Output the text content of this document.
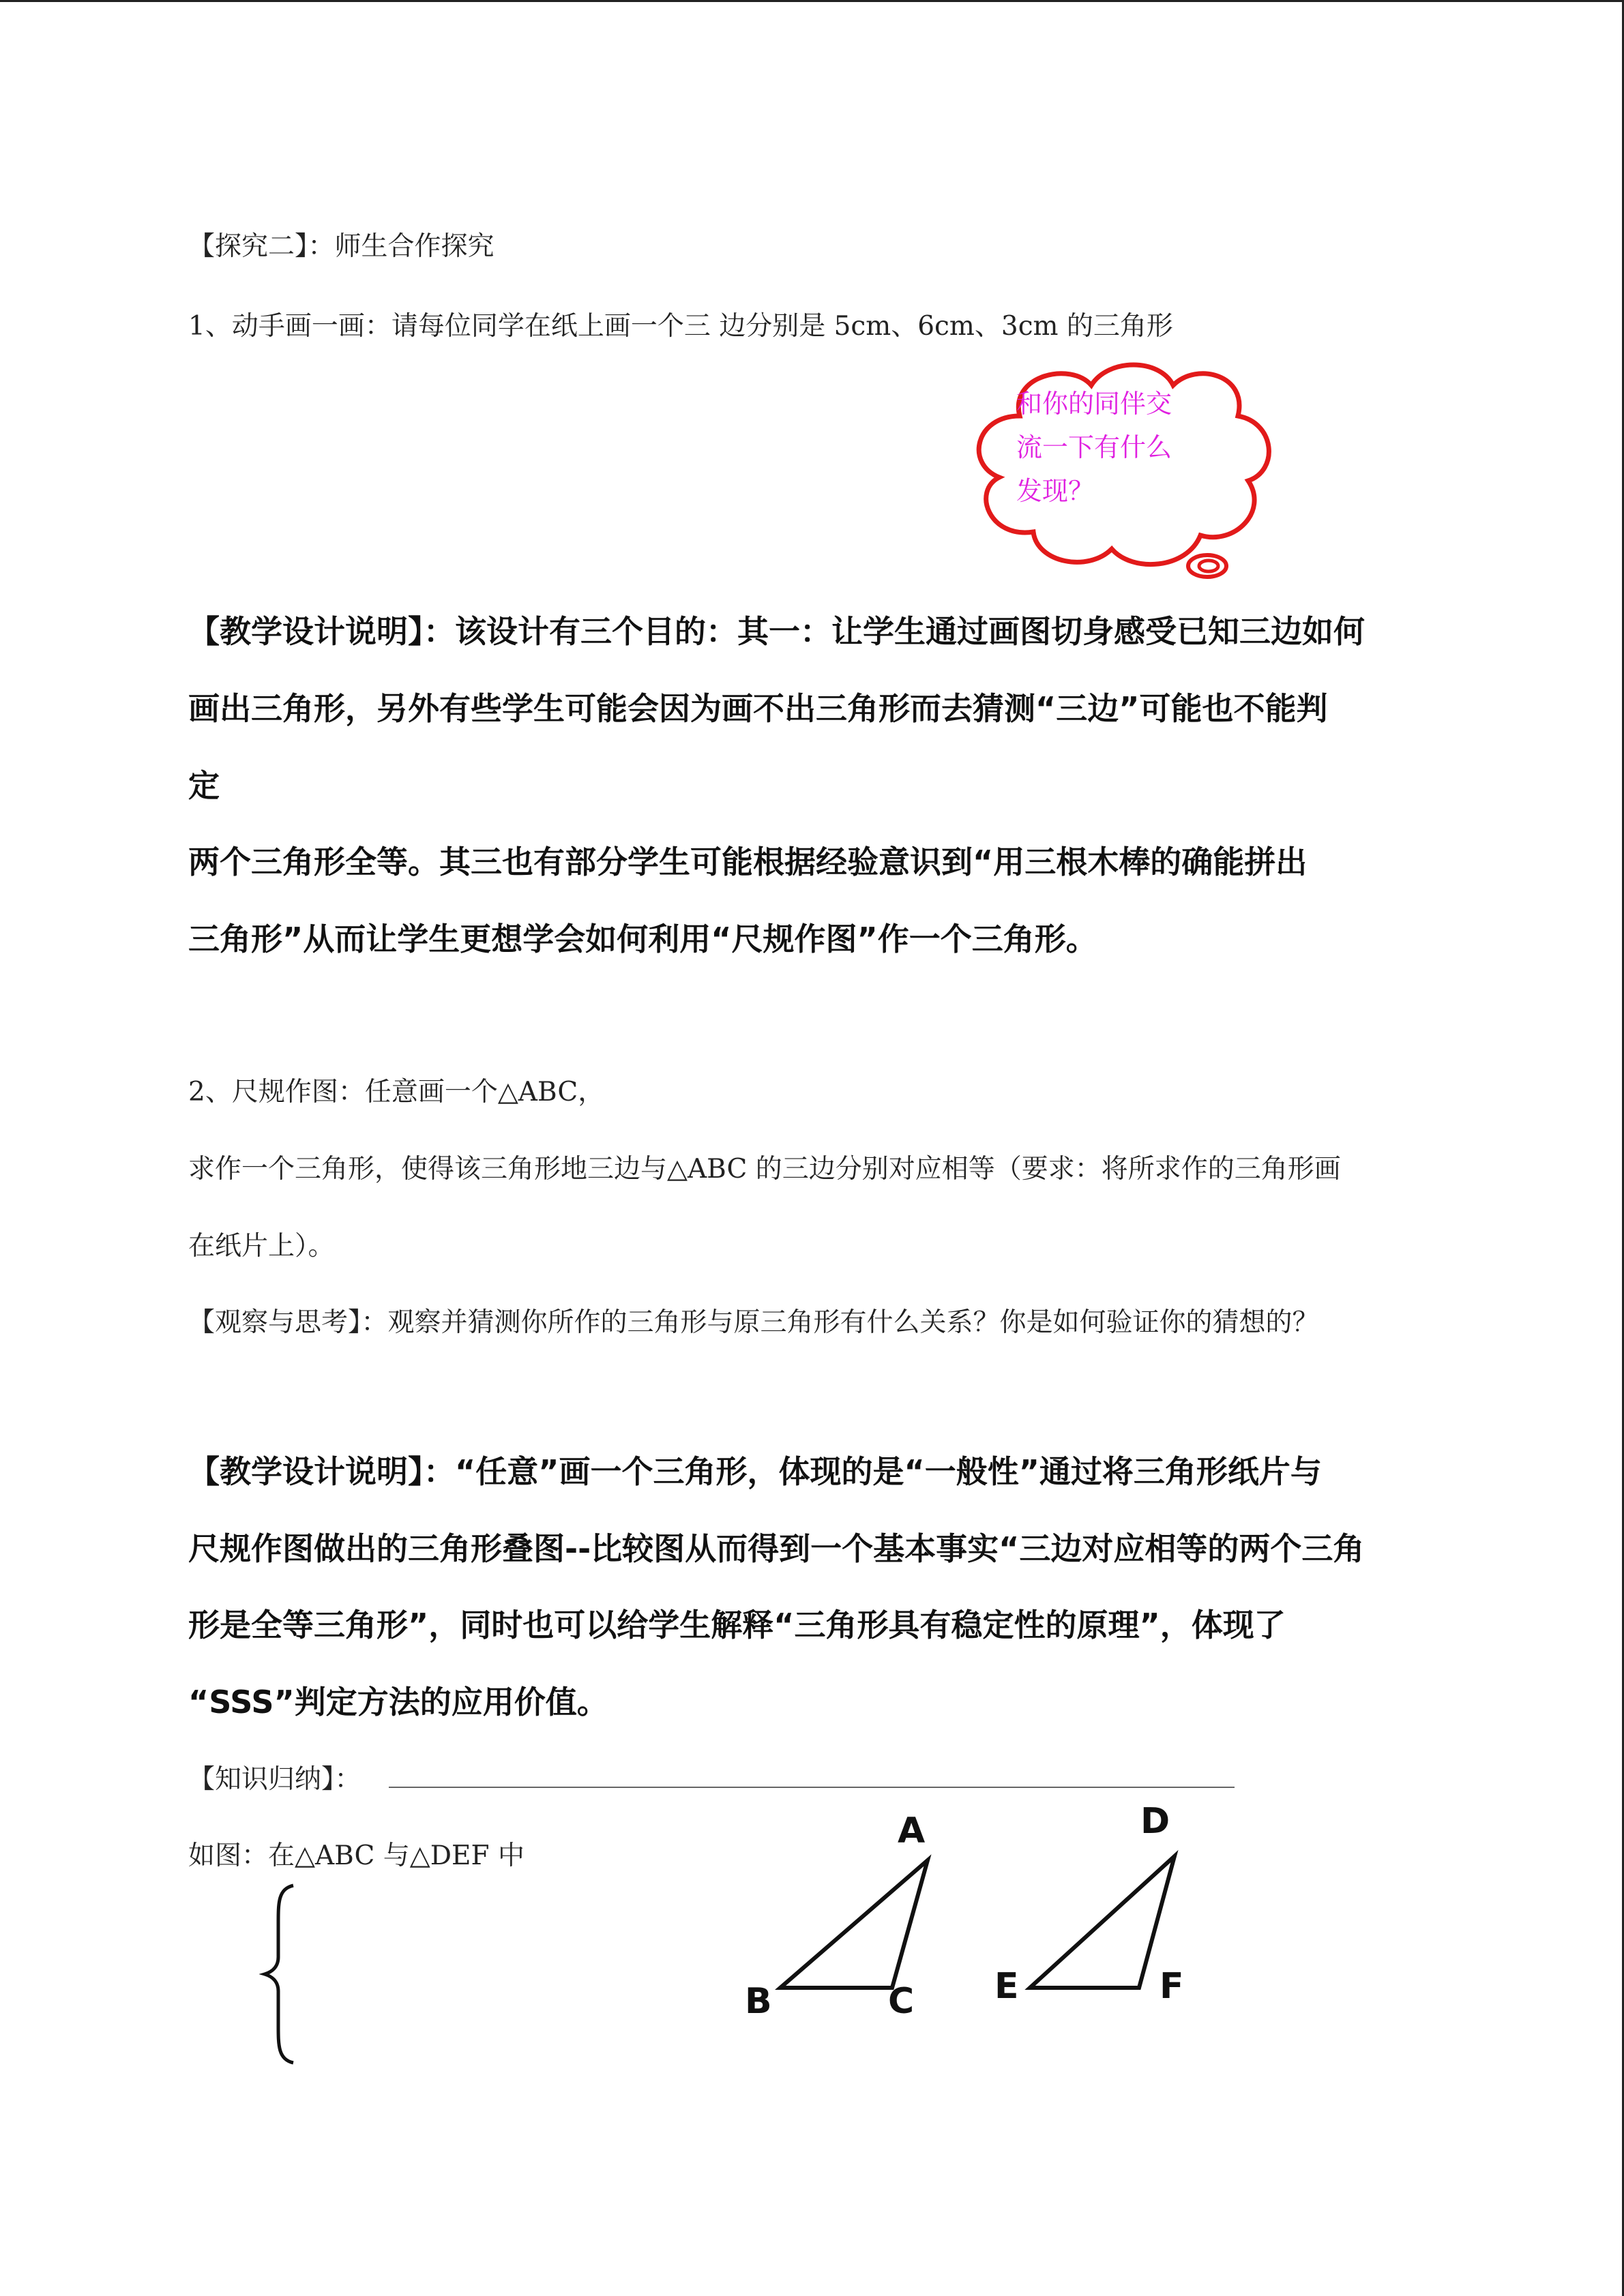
【探究二】：师生合作探究
1、动手画一画：请每位同学在纸上画一个三 边分别是 5cm、6cm、3cm 的三角形
和你的同伴交
流一下有什么
发现？
【教学设计说明】：该设计有三个目的：其一：让学生通过画图切身感受已知三边如何
画出三角形，另外有些学生可能会因为画不出三角形而去猜测“三边”可能也不能判
定
两个三角形全等。其三也有部分学生可能根据经验意识到“用三根木棒的确能拼出
三角形”从而让学生更想学会如何利用“尺规作图”作一个三角形。
2、尺规作图：任意画一个△ABC，
求作一个三角形，使得该三角形地三边与△ABC 的三边分别对应相等（要求：将所求作的三角形画
在纸片上）。
【观察与思考】：观察并猜测你所作的三角形与原三角形有什么关系？你是如何验证你的猜想的？
【教学设计说明】：“任意”画一个三角形，体现的是“一般性”通过将三角形纸片与
尺规作图做出的三角形叠图--比较图从而得到一个基本事实“三边对应相等的两个三角
形是全等三角形”，同时也可以给学生解释“三角形具有稳定性的原理”，体现了
“SSS”判定方法的应用价值。
【知识归纳】：
如图：在△ABC 与△DEF 中
A
B	C
D
E	F
